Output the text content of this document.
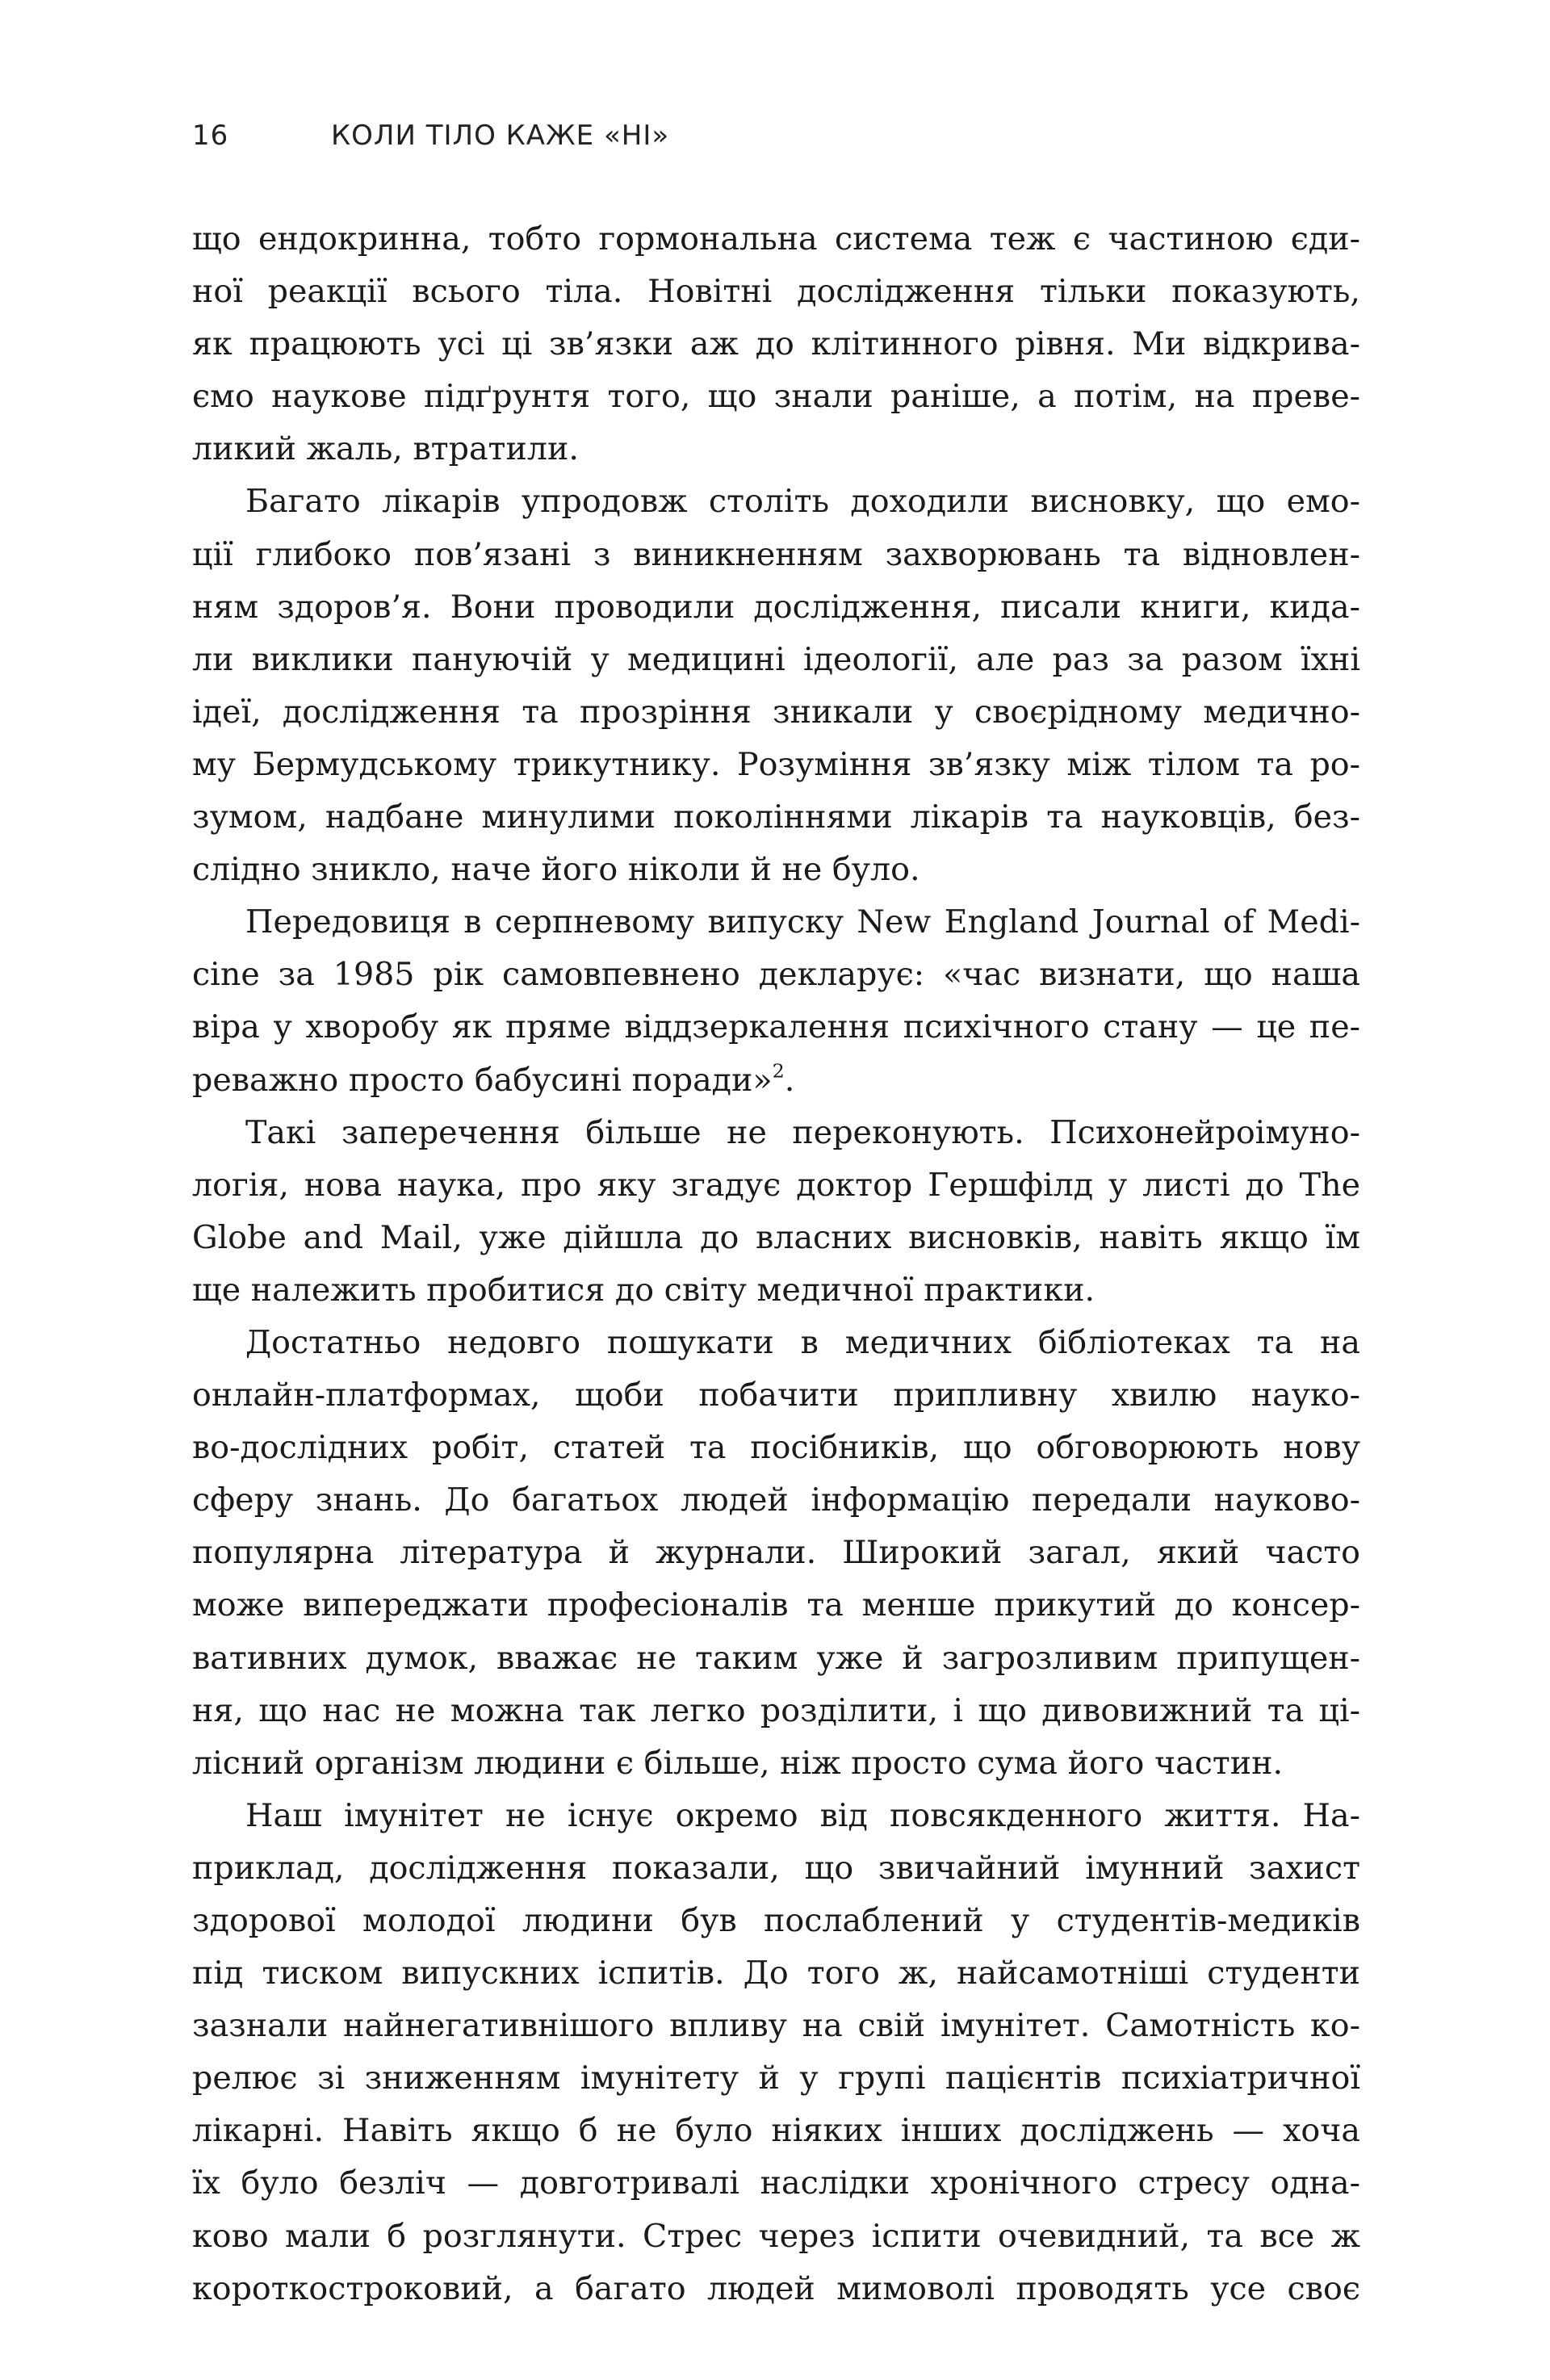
16	КОЛИ ТІЛО КАЖЕ «НІ»
що ендокринна, тобто гормональна система теж є частиною єди-
ної реакції всього тіла. Новітні дослідження тільки показують,
як працюють усі ці зв’язки аж до клітинного рівня. Ми відкрива-
ємо наукове підґрунтя того, що знали раніше, а потім, на преве-
ликий жаль, втратили.
Багато лікарів упродовж століть доходили висновку, що емо-
ції глибоко пов’язані з виникненням захворювань та відновлен-
ням здоров’я. Вони проводили дослідження, писали книги, кида-
ли виклики пануючій у медицині ідеології, але раз за разом їхні
ідеї, дослідження та прозріння зникали у своєрідному медично-
му Бермудському трикутнику. Розуміння зв’язку між тілом та ро-
зумом, надбане минулими поколіннями лікарів та науковців, без-
слідно зникло, наче його ніколи й не було.
Передовиця в серпневому випуску New England Journal of Medi-
cine за 1985 рік самовпевнено декларує: «час визнати, що наша
віра у хворобу як пряме віддзеркалення психічного стану — це пе-
реважно просто бабусині поради»$^2$.
Такі заперечення більше не переконують. Психонейроімуно-
логія, нова наука, про яку згадує доктор Гершфілд у листі до The
Globe and Mail, уже дійшла до власних висновків, навіть якщо їм
ще належить пробитися до світу медичної практики.
Достатньо недовго пошукати в медичних бібліотеках та на
онлайн-платформах, щоби побачити припливну хвилю науко-
во-дослідних робіт, статей та посібників, що обговорюють нову
сферу знань. До багатьох людей інформацію передали науково-
популярна література й журнали. Широкий загал, який часто
може випереджати професіоналів та менше прикутий до консер-
вативних думок, вважає не таким уже й загрозливим припущен-
ня, що нас не можна так легко розділити, і що дивовижний та ці-
лісний організм людини є більше, ніж просто сума його частин.
Наш імунітет не існує окремо від повсякденного життя. На-
приклад, дослідження показали, що звичайний імунний захист
здорової молодої людини був послаблений у студентів-медиків
під тиском випускних іспитів. До того ж, найсамотніші студенти
зазнали найнегативнішого впливу на свій імунітет. Самотність ко-
релює зі зниженням імунітету й у групі пацієнтів психіатричної
лікарні. Навіть якщо б не було ніяких інших досліджень — хоча
їх було безліч — довготривалі наслідки хронічного стресу однa-
ково мали б розглянути. Стрес через іспити очевидний, та все ж
короткостроковий, а багато людей мимоволі проводять усе своє
